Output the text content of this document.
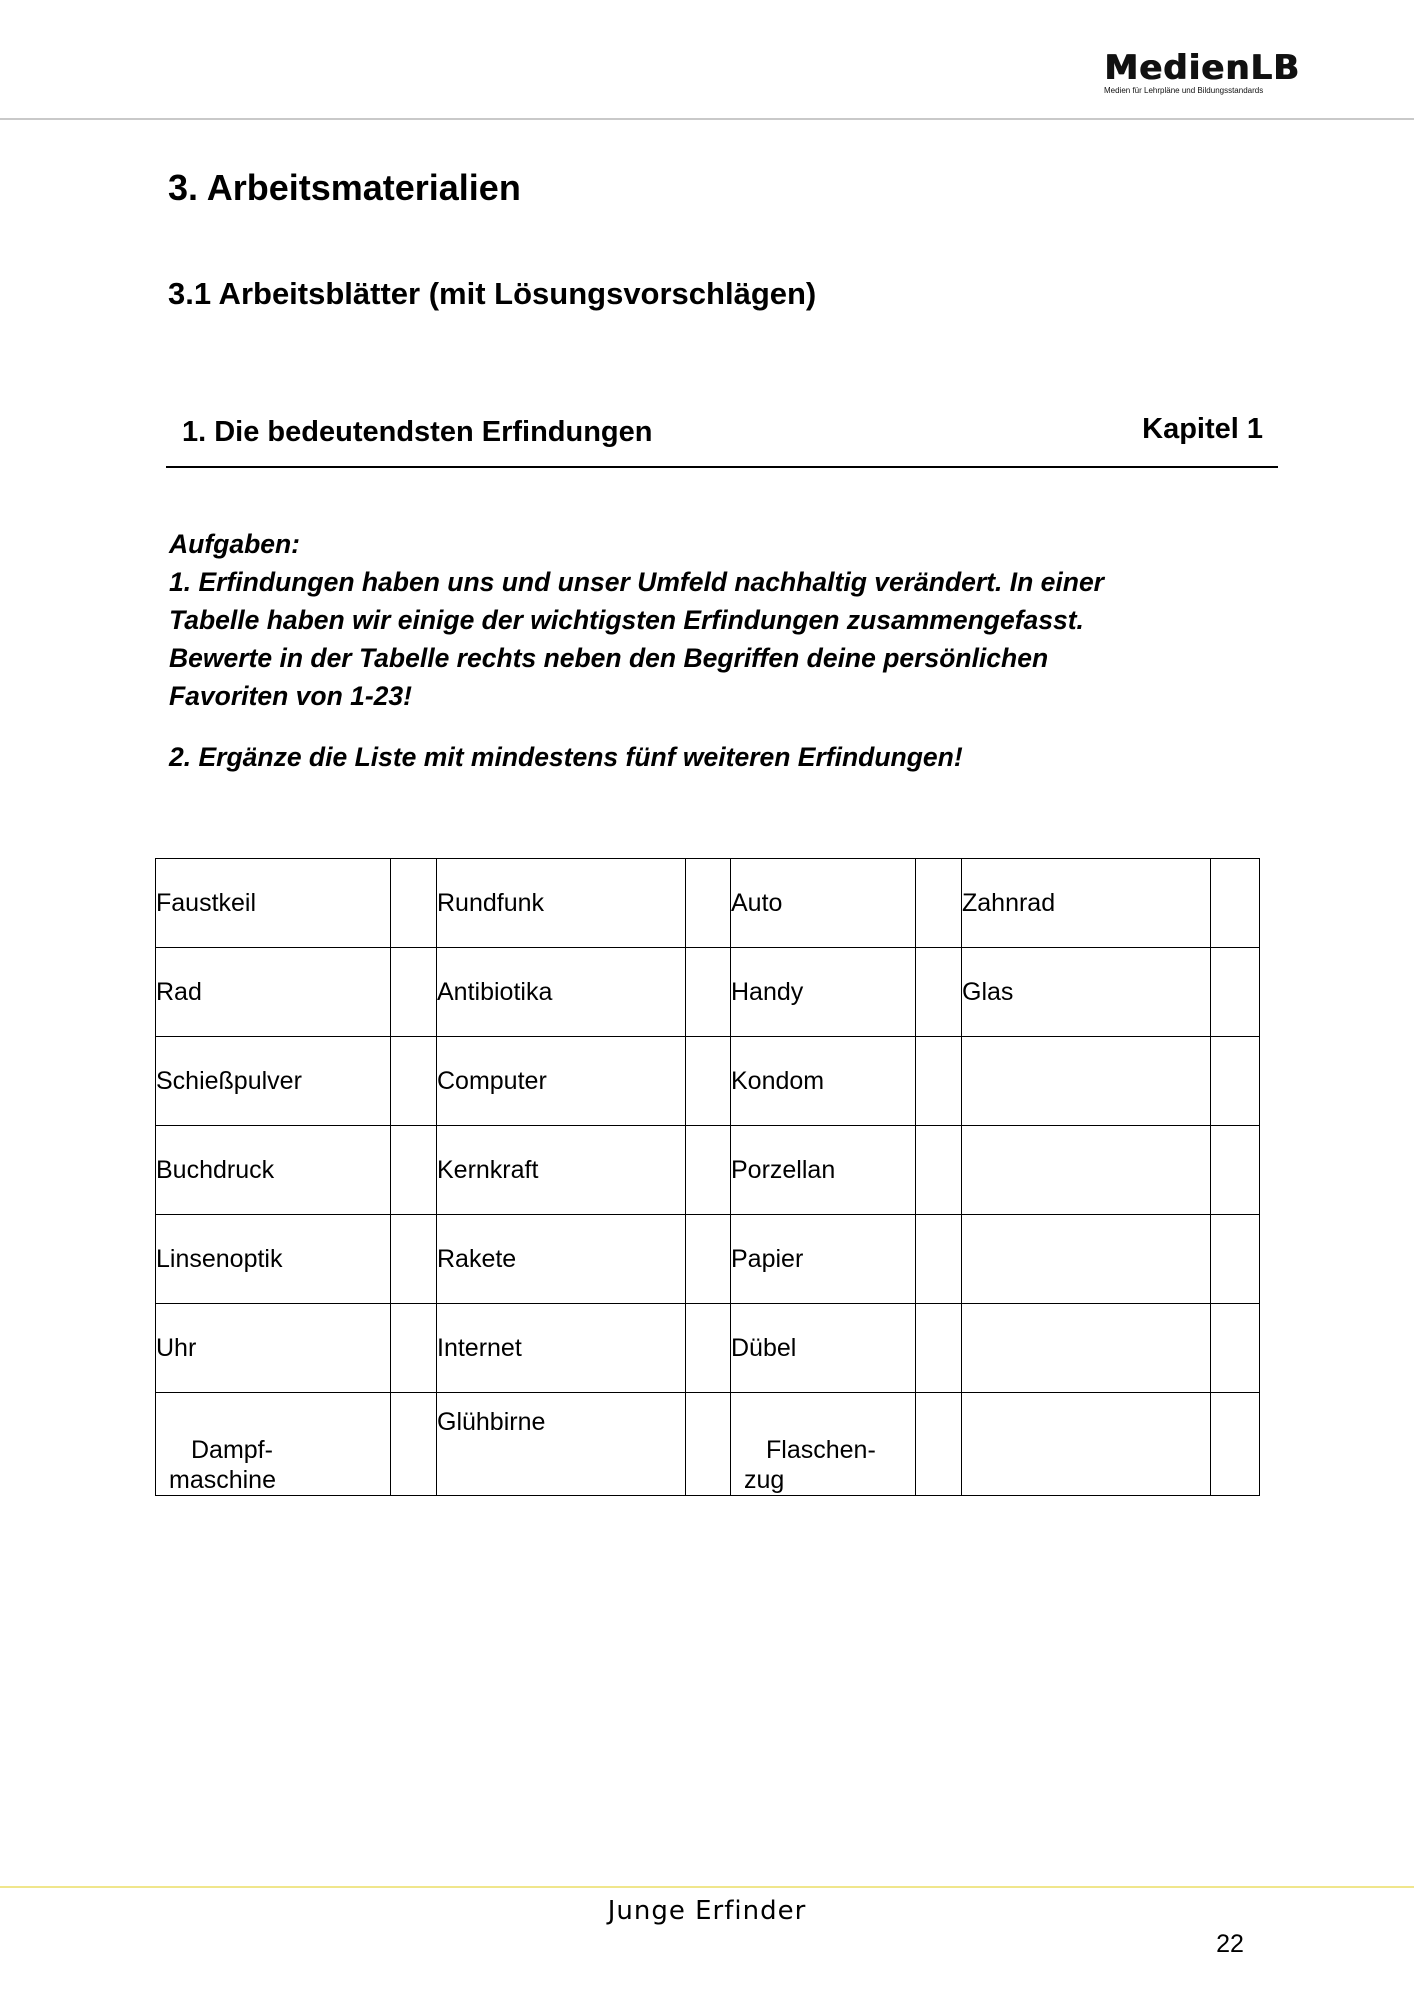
MedienLB
Medien für Lehrpläne und Bildungsstandards
3. Arbeitsmaterialien
3.1 Arbeitsblätter (mit Lösungsvorschlägen)
1. Die bedeutendsten Erfindungen	Kapitel 1

Aufgaben:

1. Erfindungen haben uns und unser Umfeld nachhaltig verändert. In einer

Tabelle haben wir einige der wichtigsten Erfindungen zusammengefasst.

Bewerte in der Tabelle rechts neben den Begriffen deine persönlichen

Favoriten von 1-23!

2. Ergänze die Liste mit mindestens fünf weiteren Erfindungen!

Faustkeil		Rundfunk		Auto		Zahnrad	
Rad		Antibiotika		Handy		Glas	
Schießpulver		Computer		Kondom			
Buchdruck		Kernkraft		Porzellan			
Linsenoptik		Rakete		Papier			
Uhr		Internet		Dübel			

Dampf-
maschine		Glühbirne		Flaschen-
zug			

Junge Erfinder
22
